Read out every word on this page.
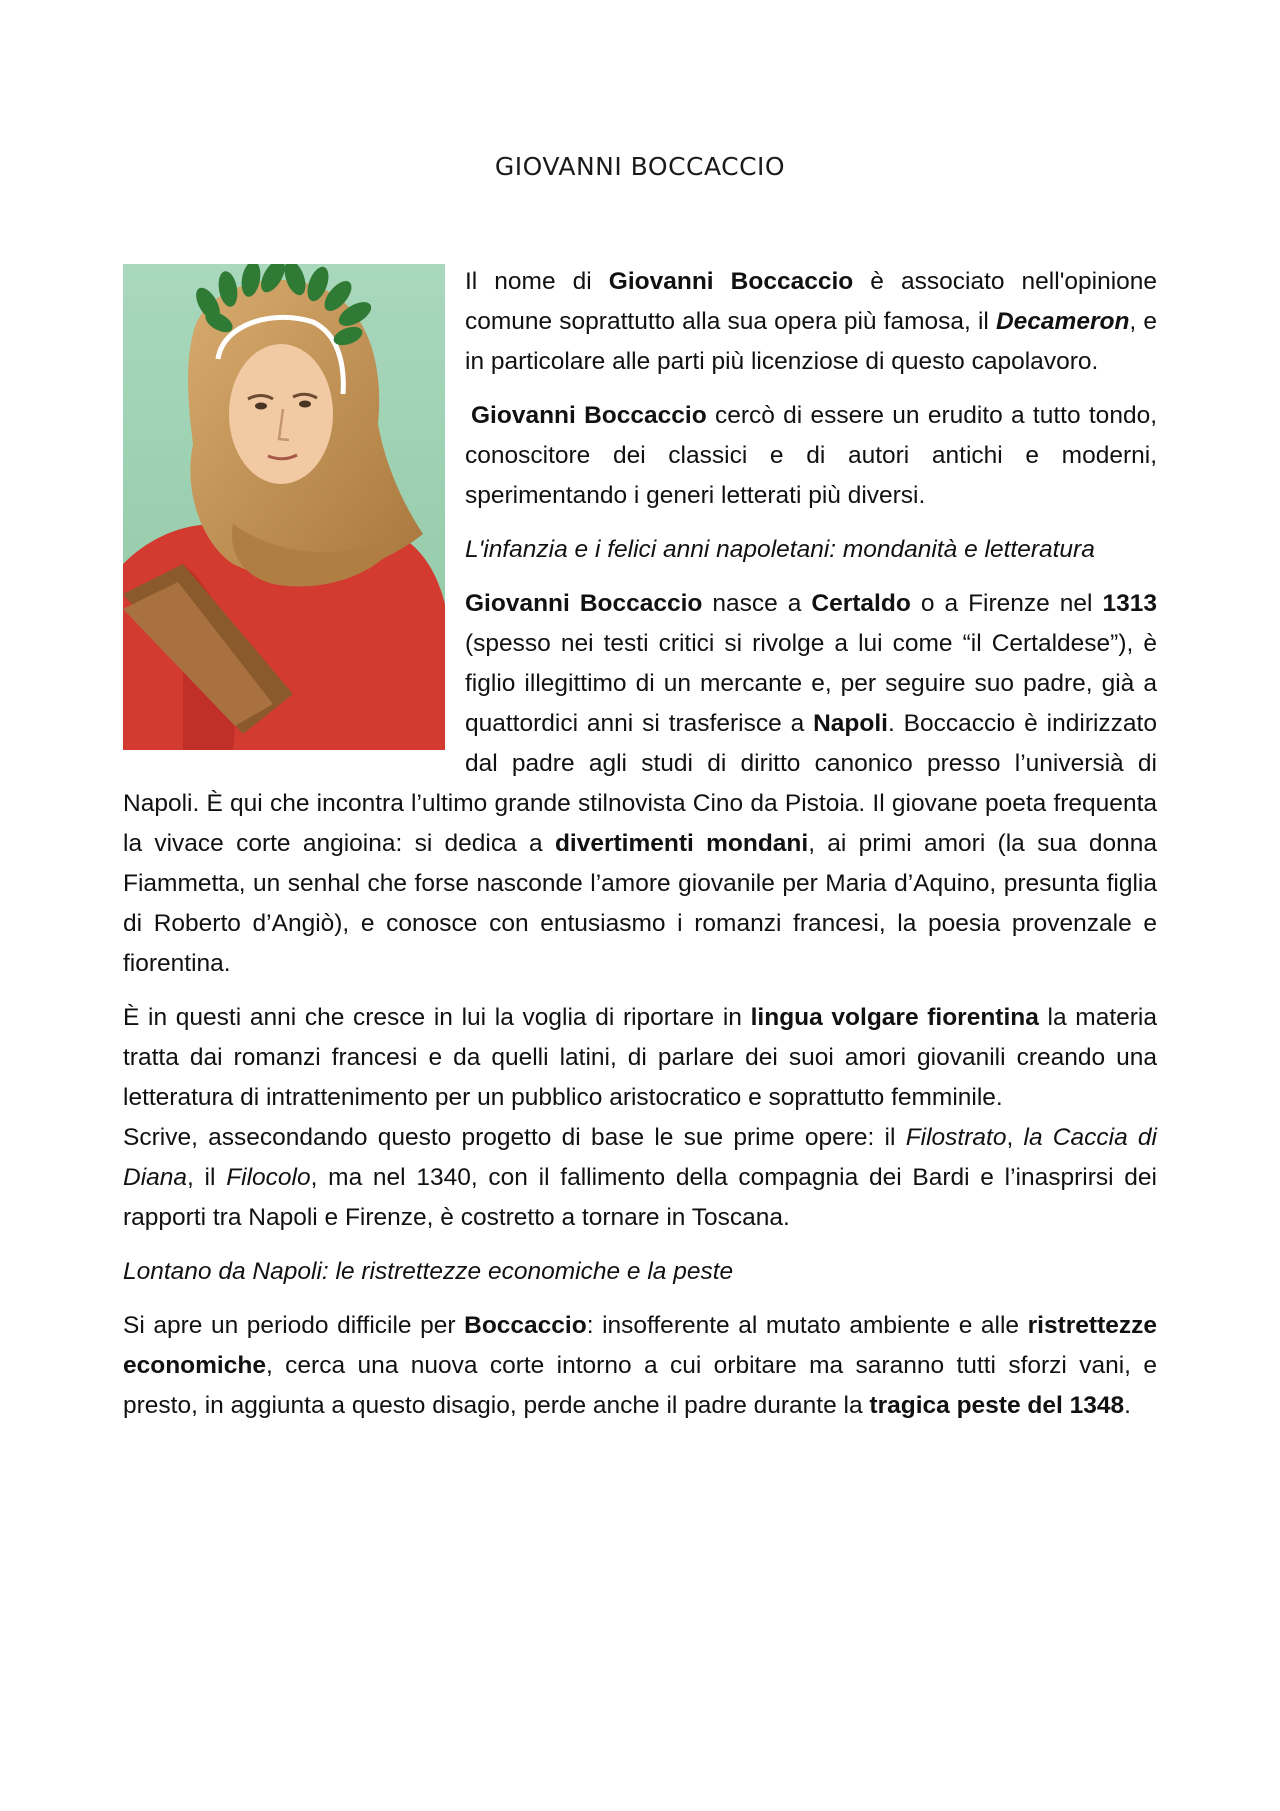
GIOVANNI BOCCACCIO

Il nome di Giovanni Boccaccio è associato nell'opinione comune soprattutto alla sua opera più famosa, il Decameron, e in particolare alle parti più licenziose di questo capolavoro.

Giovanni Boccaccio cercò di essere un erudito a tutto tondo, conoscitore dei classici e di autori antichi e moderni, sperimentando i generi letterati più diversi.

L'infanzia e i felici anni napoletani: mondanità e letteratura

Giovanni Boccaccio nasce a Certaldo o a Firenze nel 1313 (spesso nei testi critici si rivolge a lui come “il Certaldese”), è figlio illegittimo di un mercante e, per seguire suo padre, già a quattordici anni si trasferisce a Napoli. Boccaccio è indirizzato dal padre agli studi di diritto canonico presso l’universià di Napoli. È qui che incontra l’ultimo grande stilnovista Cino da Pistoia. Il giovane poeta frequenta la vivace corte angioina: si dedica a divertimenti mondani, ai primi amori (la sua donna Fiammetta, un senhal che forse nasconde l’amore giovanile per Maria d’Aquino, presunta figlia di Roberto d’Angiò), e conosce con entusiasmo i romanzi francesi, la poesia provenzale e fiorentina.

È in questi anni che cresce in lui la voglia di riportare in lingua volgare fiorentina la materia tratta dai romanzi francesi e da quelli latini, di parlare dei suoi amori giovanili creando una letteratura di intrattenimento per un pubblico aristocratico e soprattutto femminile.
Scrive, assecondando questo progetto di base le sue prime opere: il Filostrato, la Caccia di Diana, il Filocolo, ma nel 1340, con il fallimento della compagnia dei Bardi e l’inasprirsi dei rapporti tra Napoli e Firenze, è costretto a tornare in Toscana.

Lontano da Napoli: le ristrettezze economiche e la peste

Si apre un periodo difficile per Boccaccio: insofferente al mutato ambiente e alle ristrettezze economiche, cerca una nuova corte intorno a cui orbitare ma saranno tutti sforzi vani, e presto, in aggiunta a questo disagio, perde anche il padre durante la tragica peste del 1348.
